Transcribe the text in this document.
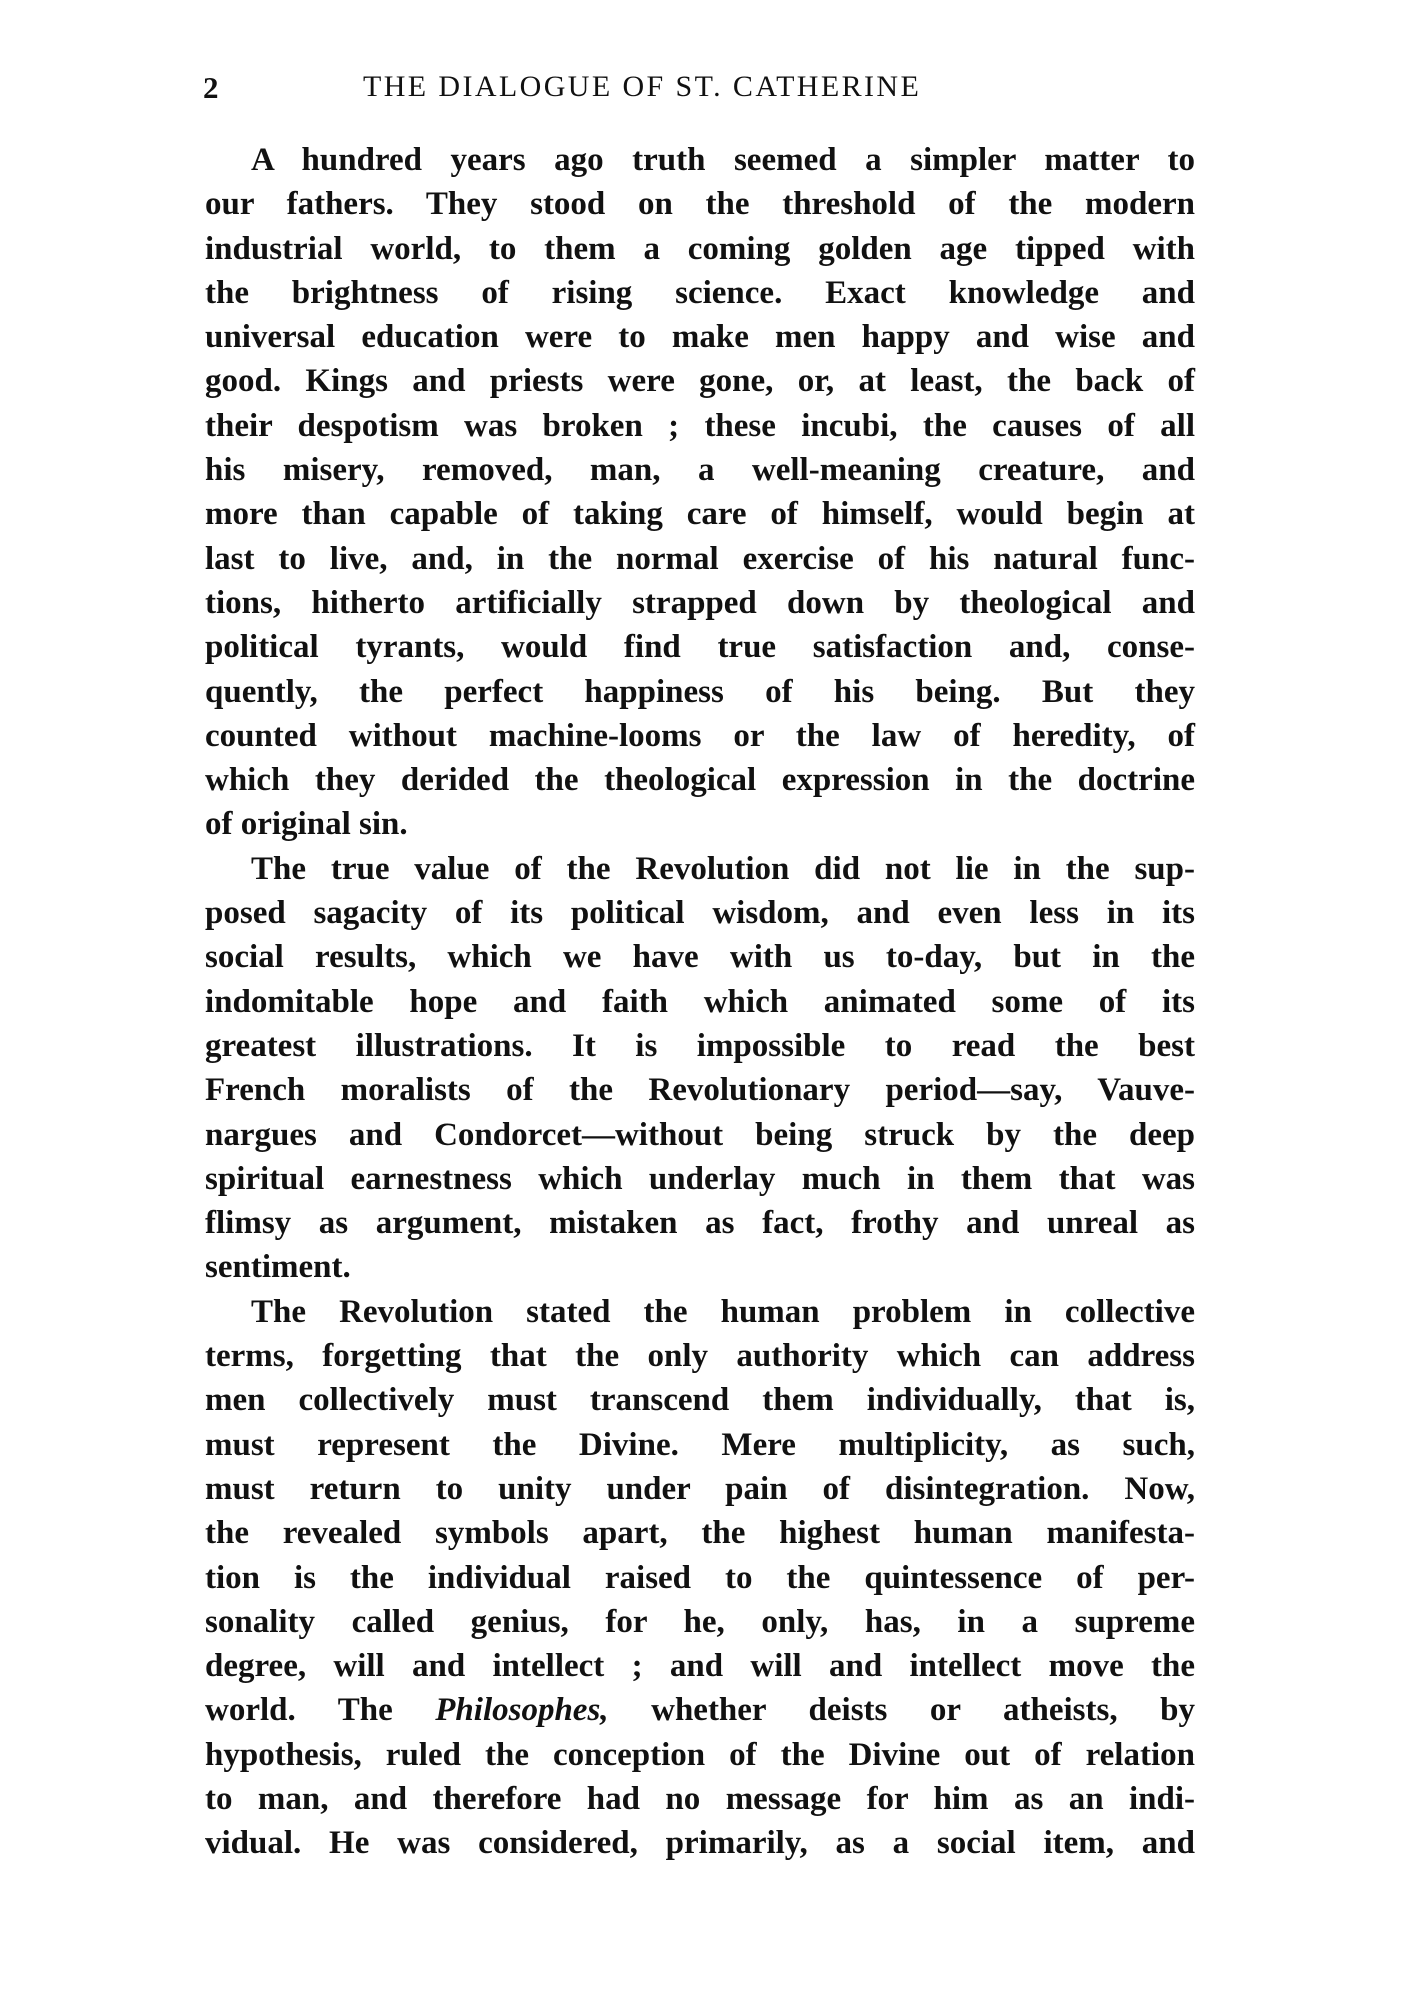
2	THE DIALOGUE OF ST. CATHERINE
A hundred years ago truth seemed a simpler matter to
our fathers. They stood on the threshold of the modern
industrial world, to them a coming golden age tipped with
the brightness of rising science. Exact knowledge and
universal education were to make men happy and wise and
good. Kings and priests were gone, or, at least, the back of
their despotism was broken ; these incubi, the causes of all
his misery, removed, man, a well-meaning creature, and
more than capable of taking care of himself, would begin at
last to live, and, in the normal exercise of his natural func-
tions, hitherto artificially strapped down by theological and
political tyrants, would find true satisfaction and, conse-
quently, the perfect happiness of his being. But they
counted without machine-looms or the law of heredity, of
which they derided the theological expression in the doctrine
of original sin.
The true value of the Revolution did not lie in the sup-
posed sagacity of its political wisdom, and even less in its
social results, which we have with us to-day, but in the
indomitable hope and faith which animated some of its
greatest illustrations. It is impossible to read the best
French moralists of the Revolutionary period—say, Vauve-
nargues and Condorcet—without being struck by the deep
spiritual earnestness which underlay much in them that was
flimsy as argument, mistaken as fact, frothy and unreal as
sentiment.
The Revolution stated the human problem in collective
terms, forgetting that the only authority which can address
men collectively must transcend them individually, that is,
must represent the Divine. Mere multiplicity, as such,
must return to unity under pain of disintegration. Now,
the revealed symbols apart, the highest human manifesta-
tion is the individual raised to the quintessence of per-
sonality called genius, for he, only, has, in a supreme
degree, will and intellect ; and will and intellect move the
world. The Philosophes, whether deists or atheists, by
hypothesis, ruled the conception of the Divine out of relation
to man, and therefore had no message for him as an indi-
vidual. He was considered, primarily, as a social item, and
